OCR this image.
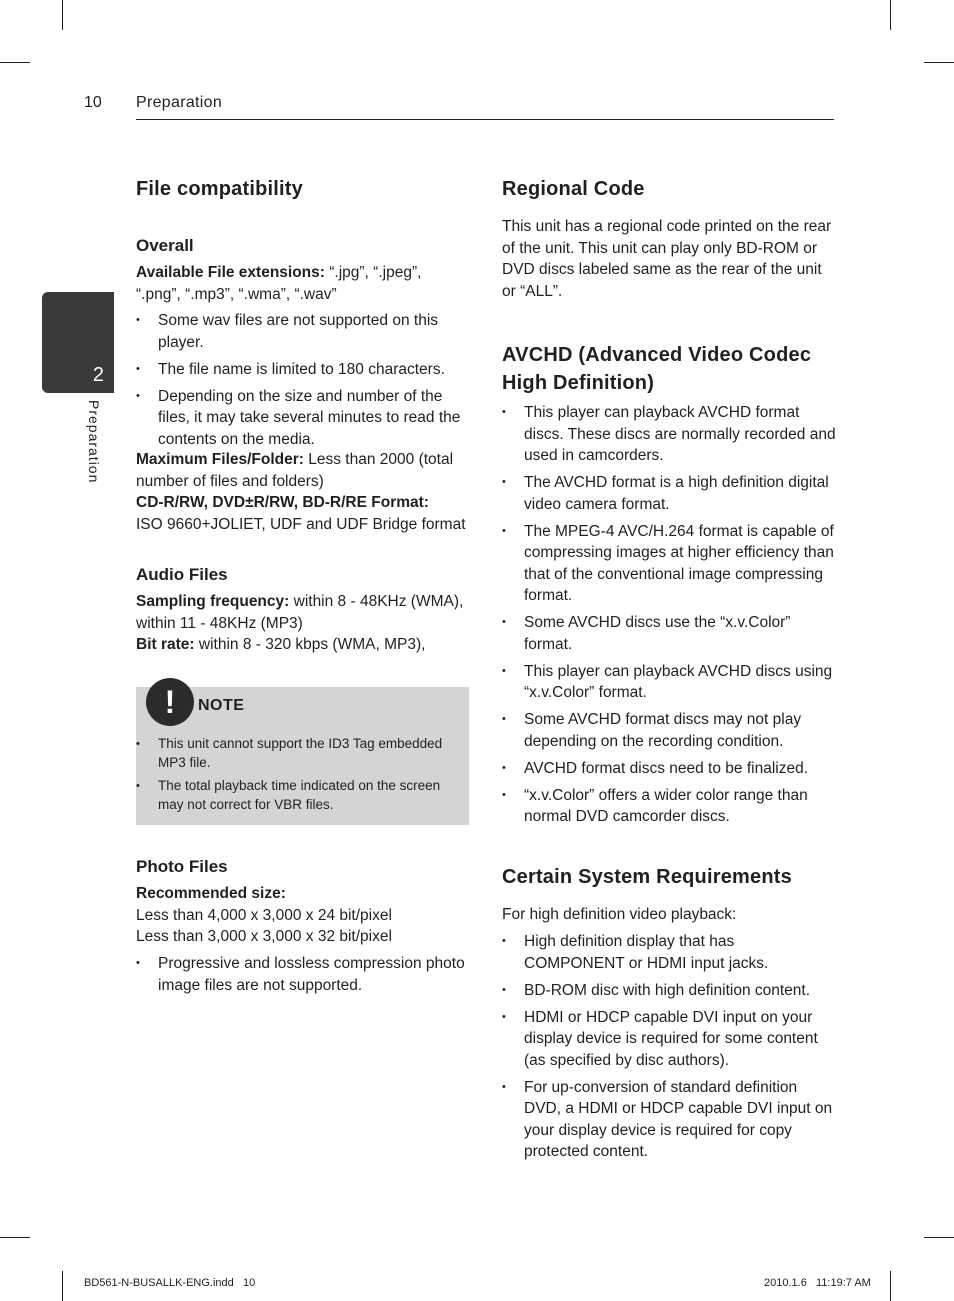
10 Preparation
2
Preparation
File compatibility
Overall

Available File extensions: “.jpg”, “.jpeg”, “.png”, “.mp3”, “.wma”, “.wav”

• Some wav files are not supported on this player.
• The file name is limited to 180 characters.
• Depending on the size and number of the files, it may take several minutes to read the contents on the media.

Maximum Files/Folder: Less than 2000 (total number of files and folders)

CD-R/RW, DVD±R/RW, BD-R/RE Format:
ISO 9660+JOLIET, UDF and UDF Bridge format

Audio Files

Sampling frequency: within 8 - 48KHz (WMA), within 11 - 48KHz (MP3)

Bit rate: within 8 - 320 kbps (WMA, MP3),

!	NOTE
• This unit cannot support the ID3 Tag embedded MP3 file.
• The total playback time indicated on the screen may not correct for VBR files.
Photo Files

Recommended size:
Less than 4,000 x 3,000 x 24 bit/pixel
Less than 3,000 x 3,000 x 32 bit/pixel

• Progressive and lossless compression photo image files are not supported.
Regional Code

This unit has a regional code printed on the rear of the unit. This unit can play only BD-ROM or DVD discs labeled same as the rear of the unit or “ALL”.

AVCHD (Advanced Video Codec High Definition)
• This player can playback AVCHD format discs. These discs are normally recorded and used in camcorders.
• The AVCHD format is a high definition digital video camera format.
• The MPEG-4 AVC/H.264 format is capable of compressing images at higher efficiency than that of the conventional image compressing format.
• Some AVCHD discs use the “x.v.Color” format.
• This player can playback AVCHD discs using “x.v.Color” format.
• Some AVCHD format discs may not play depending on the recording condition.
• AVCHD format discs need to be finalized.
• “x.v.Color” offers a wider color range than normal DVD camcorder discs.
Certain System Requirements

For high definition video playback:

• High definition display that has COMPONENT or HDMI input jacks.
• BD-ROM disc with high definition content.
• HDMI or HDCP capable DVI input on your display device is required for some content (as specified by disc authors).
• For up-conversion of standard definition DVD, a HDMI or HDCP capable DVI input on your display device is required for copy protected content.
BD561-N-BUSALLK-ENG.indd   10	2010.1.6   11:19:7 AM
